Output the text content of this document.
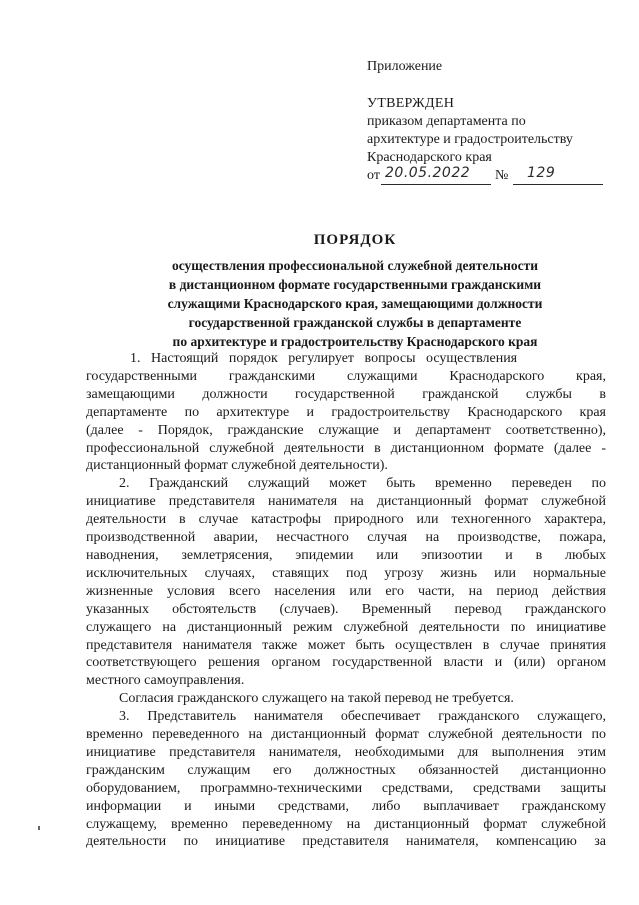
Приложение
УТВЕРЖДЕН
приказом департамента по
архитектуре и градостроительству
Краснодарского края
от 20.05.2022 № 129
ПОРЯДОК
осуществления профессиональной служебной деятельности
в дистанционном формате государственными гражданскими
служащими Краснодарского края, замещающими должности
государственной гражданской службы в департаменте
по архитектуре и градостроительству Краснодарского края
1.   Настоящий   порядок   регулирует   вопросы   осуществления
государственными гражданскими служащими Краснодарского края,
замещающими должности государственной гражданской службы в
департаменте по архитектуре и градостроительству Краснодарского края
(далее - Порядок, гражданские служащие и департамент соответственно),
профессиональной служебной деятельности в дистанционном формате (далее -
дистанционный формат служебной деятельности).
2. Гражданский служащий может быть временно переведен по
инициативе представителя нанимателя на дистанционный формат служебной
деятельности в случае катастрофы природного или техногенного характера,
производственной аварии, несчастного случая на производстве, пожара,
наводнения, землетрясения, эпидемии или эпизоотии и в любых
исключительных случаях, ставящих под угрозу жизнь или нормальные
жизненные условия всего населения или его части, на период действия
указанных обстоятельств (случаев). Временный перевод гражданского
служащего на дистанционный режим служебной деятельности по инициативе
представителя нанимателя также может быть осуществлен в случае принятия
соответствующего решения органом государственной власти и (или) органом
местного самоуправления.
Согласия гражданского служащего на такой перевод не требуется.
3. Представитель нанимателя обеспечивает гражданского служащего,
временно переведенного на дистанционный формат служебной деятельности по
инициативе представителя нанимателя, необходимыми для выполнения этим
гражданским служащим его должностных обязанностей дистанционно
оборудованием, программно-техническими средствами, средствами защиты
информации и иными средствами, либо выплачивает гражданскому
служащему, временно переведенному на дистанционный формат служебной
деятельности по инициативе представителя нанимателя, компенсацию за
